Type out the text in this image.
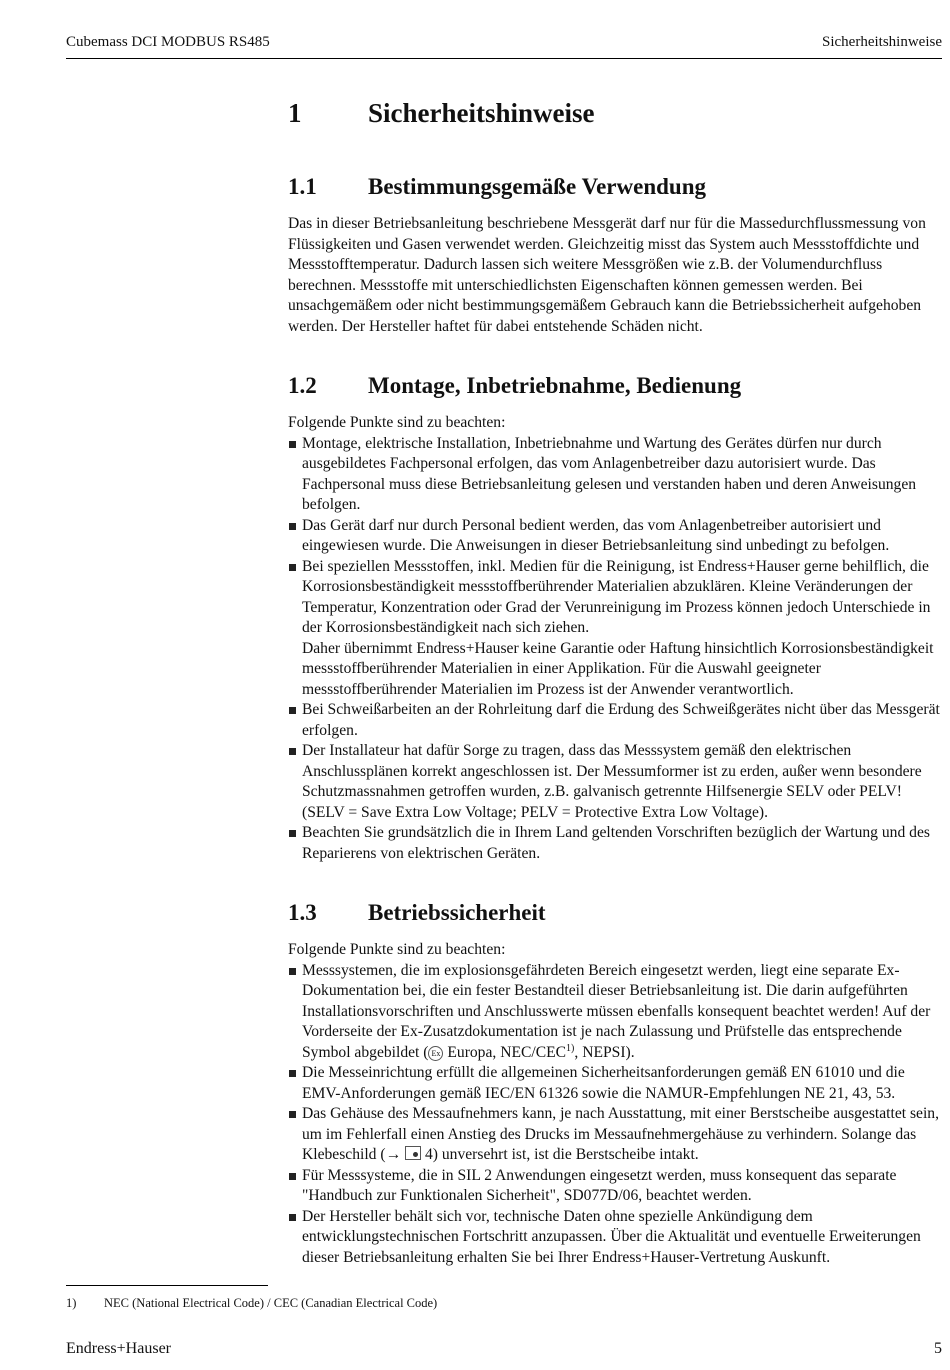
Cubemass DCI MODBUS RS485	Sicherheitshinweise
1 Sicherheitshinweise
1.1 Bestimmungsgemäße Verwendung

Das in dieser Betriebsanleitung beschriebene Messgerät darf nur für die Massedurchflussmessung von Flüssigkeiten und Gasen verwendet werden. Gleichzeitig misst das System auch Messstoffdichte und Messstofftemperatur. Dadurch lassen sich weitere Messgrößen wie z.B. der Volumendurchfluss berechnen. Messstoffe mit unterschiedlichsten Eigenschaften können gemessen werden. Bei unsachgemäßem oder nicht bestimmungsgemäßem Gebrauch kann die Betriebssicherheit aufgehoben werden. Der Hersteller haftet für dabei entstehende Schäden nicht.

1.2 Montage, Inbetriebnahme, Bedienung

Folgende Punkte sind zu beachten:

Montage, elektrische Installation, Inbetriebnahme und Wartung des Gerätes dürfen nur durch ausgebildetes Fachpersonal erfolgen, das vom Anlagenbetreiber dazu autorisiert wurde. Das Fachpersonal muss diese Betriebsanleitung gelesen und verstanden haben und deren Anweisungen befolgen.
Das Gerät darf nur durch Personal bedient werden, das vom Anlagenbetreiber autorisiert und eingewiesen wurde. Die Anweisungen in dieser Betriebsanleitung sind unbedingt zu befolgen.
Bei speziellen Messstoffen, inkl. Medien für die Reinigung, ist Endress+Hauser gerne behilflich, die Korrosionsbeständigkeit messstoffberührender Materialien abzuklären. Kleine Veränderungen der Temperatur, Konzentration oder Grad der Verunreinigung im Prozess können jedoch Unterschiede in der Korrosionsbeständigkeit nach sich ziehen.
Daher übernimmt Endress+Hauser keine Garantie oder Haftung hinsichtlich Korrosionsbeständigkeit messstoffberührender Materialien in einer Applikation. Für die Auswahl geeigneter messstoffberührender Materialien im Prozess ist der Anwender verantwortlich.
Bei Schweißarbeiten an der Rohrleitung darf die Erdung des Schweißgerätes nicht über das Messgerät erfolgen.
Der Installateur hat dafür Sorge zu tragen, dass das Messsystem gemäß den elektrischen Anschlussplänen korrekt angeschlossen ist. Der Messumformer ist zu erden, außer wenn besondere Schutzmassnahmen getroffen wurden, z.B. galvanisch getrennte Hilfsenergie SELV oder PELV! (SELV = Save Extra Low Voltage; PELV = Protective Extra Low Voltage).
Beachten Sie grundsätzlich die in Ihrem Land geltenden Vorschriften bezüglich der Wartung und des Reparierens von elektrischen Geräten.
1.3 Betriebssicherheit

Folgende Punkte sind zu beachten:

Messsystemen, die im explosionsgefährdeten Bereich eingesetzt werden, liegt eine separate Ex-Dokumentation bei, die ein fester Bestandteil dieser Betriebsanleitung ist. Die darin aufgeführten Installationsvorschriften und Anschlusswerte müssen ebenfalls konsequent beachtet werden! Auf der Vorderseite der Ex-Zusatzdokumentation ist je nach Zulassung und Prüfstelle das entsprechende Symbol abgebildet ( Ex Europa, NEC/CEC$^{1)}$, NEPSI).
Die Messeinrichtung erfüllt die allgemeinen Sicherheitsanforderungen gemäß EN 61010 und die EMV-Anforderungen gemäß IEC/EN 61326 sowie die NAMUR-Empfehlungen NE 21, 43, 53.
Das Gehäuse des Messaufnehmers kann, je nach Ausstattung, mit einer Berstscheibe ausgestattet sein, um im Fehlerfall einen Anstieg des Drucks im Messaufnehmergehäuse zu verhindern. Solange das Klebeschild (→  4) unversehrt ist, ist die Berstscheibe intakt.
Für Messsysteme, die in SIL 2 Anwendungen eingesetzt werden, muss konsequent das separate "Handbuch zur Funktionalen Sicherheit", SD077D/06, beachtet werden.
Der Hersteller behält sich vor, technische Daten ohne spezielle Ankündigung dem entwicklungstechnischen Fortschritt anzupassen. Über die Aktualität und eventuelle Erweiterungen dieser Betriebsanleitung erhalten Sie bei Ihrer Endress+Hauser-Vertretung Auskunft.
1) NEC (National Electrical Code) / CEC (Canadian Electrical Code)
Endress+Hauser	5
